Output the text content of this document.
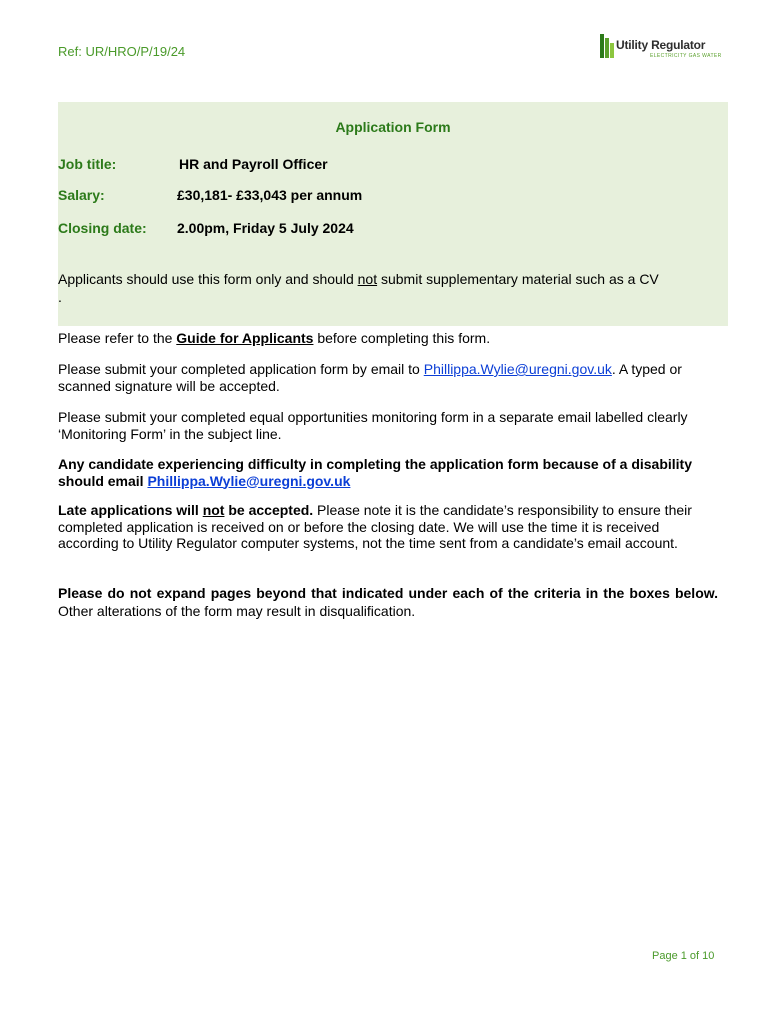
Ref: UR/HRO/P/19/24	Utility Regulator
ELECTRICITY GAS WATER
Application Form
Job title:	HR and Payroll Officer
Salary:	£30,181- £33,043 per annum
Closing date: 2.00pm, Friday 5 July 2024
Applicants should use this form only and should not submit supplementary material such as a CV
.
Please refer to the Guide for Applicants before completing this form.
Please submit your completed application form by email to Phillippa.Wylie@uregni.gov.uk. A typed or scanned signature will be accepted.
Please submit your completed equal opportunities monitoring form in a separate email labelled clearly ‘Monitoring Form’ in the subject line.
Any candidate experiencing difficulty in completing the application form because of a disability should email Phillippa.Wylie@uregni.gov.uk
Late applications will not be accepted. Please note it is the candidate’s responsibility to ensure their completed application is received on or before the closing date. We will use the time it is received according to Utility Regulator computer systems, not the time sent from a candidate’s email account.
Please do not expand pages beyond that indicated under each of the criteria in the boxes below. Other alterations of the form may result in disqualification.
Page 1 of 10
